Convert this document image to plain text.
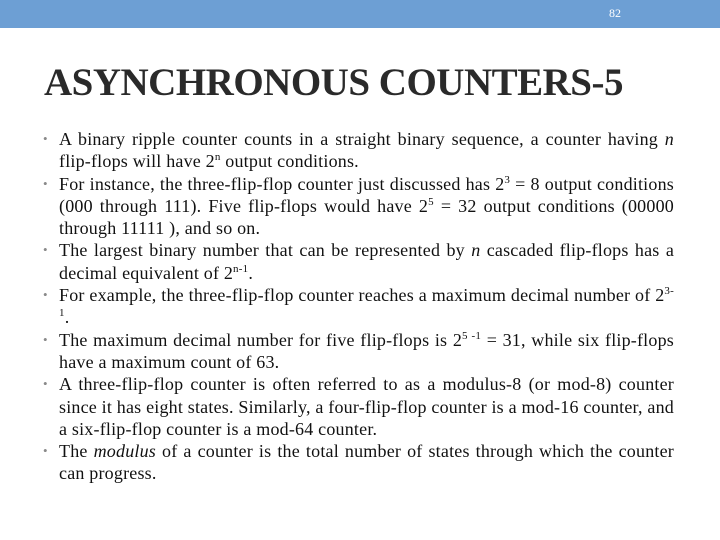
82
ASYNCHRONOUS COUNTERS-5
• A binary ripple counter counts in a straight binary sequence, a counter having n flip-flops will have 2$^n$ output conditions.
• For instance, the three-flip-flop counter just discussed has $2^3 = 8$ output conditions (000 through 111). Five flip-flops would have $2^5 = 32$ output conditions (00000 through 11111 ), and so on.
• The largest binary number that can be represented by n cascaded flip-flops has a decimal equivalent of 2$^{n-1}$.
• For example, the three-flip-flop counter reaches a maximum decimal number of 2$^{3- 1}$.
• The maximum decimal number for five flip-flops is $2^{5 -1} = 31$, while six flip-flops have a maximum count of 63.
• A three-flip-flop counter is often referred to as a modulus-8 (or mod-8) counter since it has eight states. Similarly, a four-flip-flop counter is a mod-16 counter, and a six-flip-flop counter is a mod-64 counter.
• The modulus of a counter is the total number of states through which the counter can progress.
